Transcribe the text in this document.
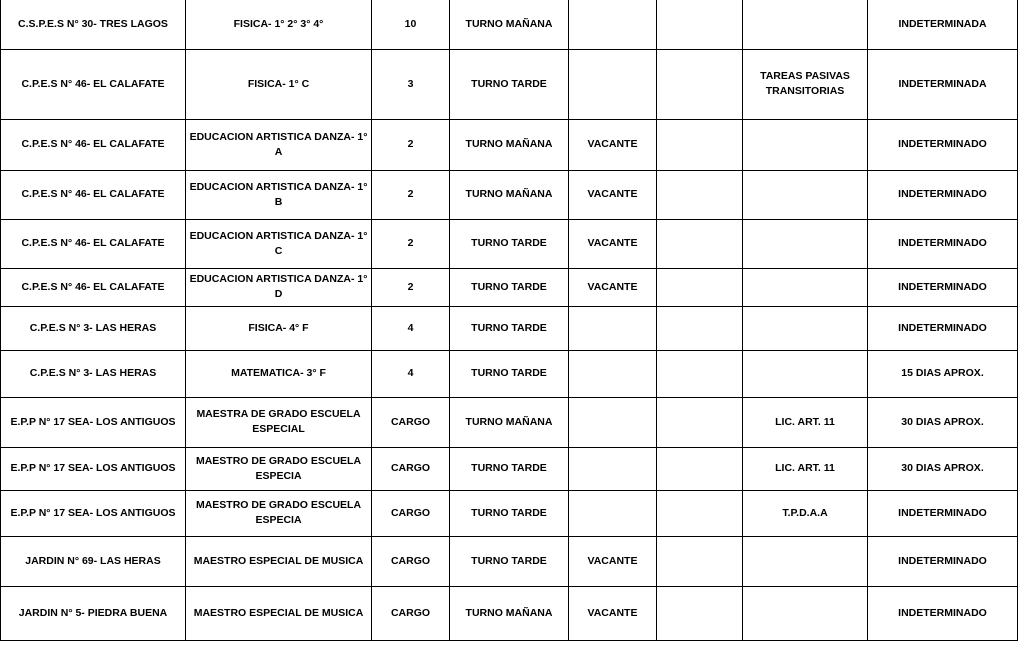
C.S.P.E.S N° 30- TRES LAGOS	FISICA- 1° 2° 3° 4°	10	TURNO MAÑANA				INDETERMINADA
C.P.E.S N° 46- EL CALAFATE	FISICA- 1° C	3	TURNO TARDE			TAREAS PASIVAS TRANSITORIAS	INDETERMINADA
C.P.E.S N° 46- EL CALAFATE	EDUCACION ARTISTICA DANZA- 1° A	2	TURNO MAÑANA	VACANTE			INDETERMINADO
C.P.E.S N° 46- EL CALAFATE	EDUCACION ARTISTICA DANZA- 1° B	2	TURNO MAÑANA	VACANTE			INDETERMINADO
C.P.E.S N° 46- EL CALAFATE	EDUCACION ARTISTICA DANZA- 1° C	2	TURNO TARDE	VACANTE			INDETERMINADO
C.P.E.S N° 46- EL CALAFATE	EDUCACION ARTISTICA DANZA- 1° D	2	TURNO TARDE	VACANTE			INDETERMINADO
C.P.E.S N° 3- LAS HERAS	FISICA- 4° F	4	TURNO TARDE				INDETERMINADO
C.P.E.S N° 3- LAS HERAS	MATEMATICA- 3° F	4	TURNO TARDE				15 DIAS APROX.
E.P.P N° 17 SEA- LOS ANTIGUOS	MAESTRA DE GRADO ESCUELA ESPECIAL	CARGO	TURNO MAÑANA			LIC. ART. 11	30 DIAS APROX.
E.P.P N° 17 SEA- LOS ANTIGUOS	MAESTRO DE GRADO ESCUELA ESPECIA	CARGO	TURNO TARDE			LIC. ART. 11	30 DIAS APROX.
E.P.P N° 17 SEA- LOS ANTIGUOS	MAESTRO DE GRADO ESCUELA ESPECIA	CARGO	TURNO TARDE			T.P.D.A.A	INDETERMINADO
JARDIN N° 69- LAS HERAS	MAESTRO ESPECIAL DE MUSICA	CARGO	TURNO TARDE	VACANTE			INDETERMINADO
JARDIN N° 5- PIEDRA BUENA	MAESTRO ESPECIAL DE MUSICA	CARGO	TURNO MAÑANA	VACANTE			INDETERMINADO
